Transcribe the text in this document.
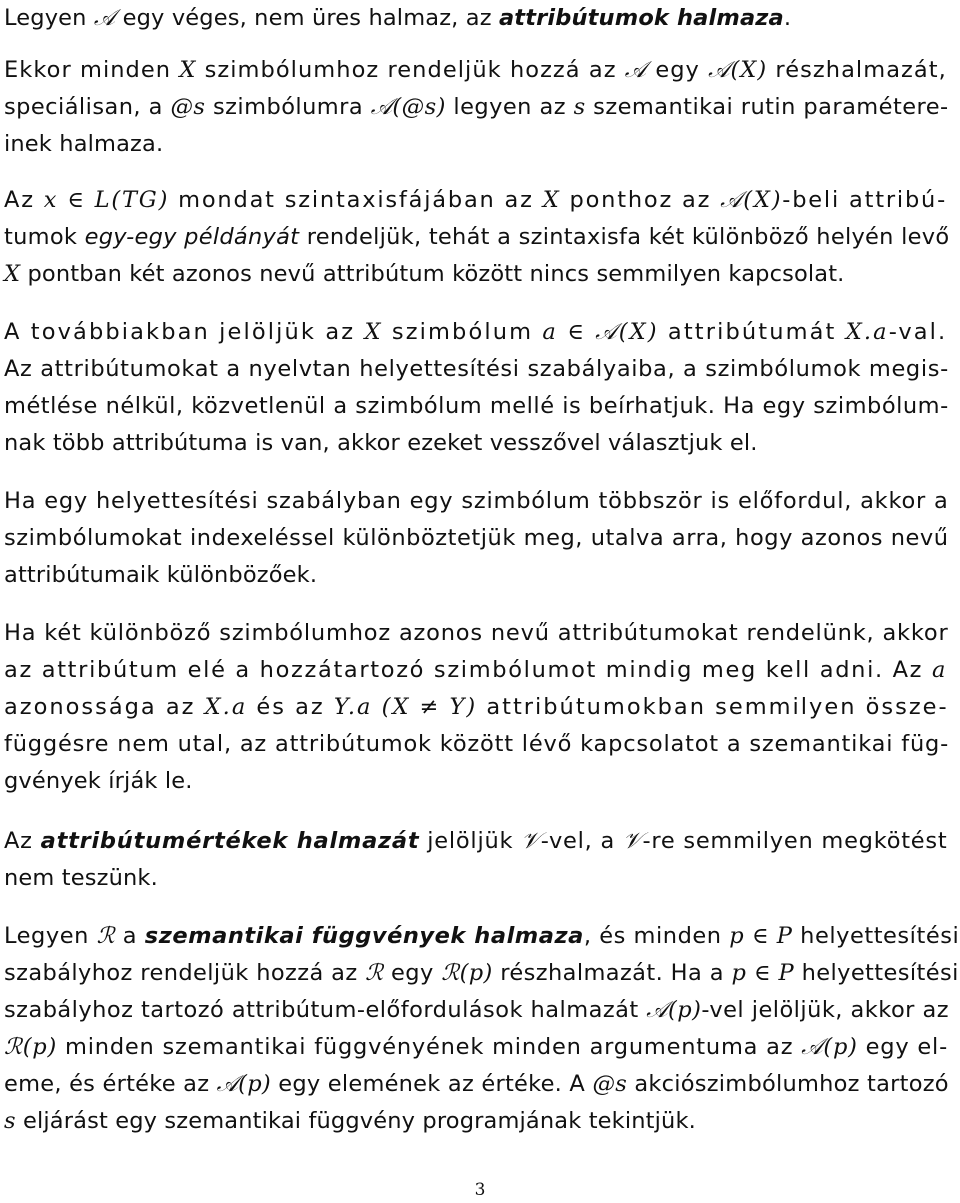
Legyen 𝒜 egy véges, nem üres halmaz, az attribútumok halmaza.
Ekkor minden X szimbólumhoz rendeljük hozzá az 𝒜 egy 𝒜(X) részhalmazát,
speciálisan, a @s szimbólumra 𝒜(@s) legyen az s szemantikai rutin paramétere-
inek halmaza.
Az x ∈ L(TG) mondat szintaxisfájában az X ponthoz az 𝒜(X)-beli attribú-
tumok egy-egy példányát rendeljük, tehát a szintaxisfa két különböző helyén levő
X pontban két azonos nevű attribútum között nincs semmilyen kapcsolat.
A továbbiakban jelöljük az X szimbólum a ∈ 𝒜(X) attribútumát X.a-val.
Az attribútumokat a nyelvtan helyettesítési szabályaiba, a szimbólumok megis-
métlése nélkül, közvetlenül a szimbólum mellé is beírhatjuk. Ha egy szimbólum-
nak több attribútuma is van, akkor ezeket vesszővel választjuk el.
Ha egy helyettesítési szabályban egy szimbólum többször is előfordul, akkor a
szimbólumokat indexeléssel különböztetjük meg, utalva arra, hogy azonos nevű
attribútumaik különbözőek.
Ha két különböző szimbólumhoz azonos nevű attribútumokat rendelünk, akkor
az attribútum elé a hozzátartozó szimbólumot mindig meg kell adni. Az a
azonossága az X.a és az Y.a (X ≠ Y) attribútumokban semmilyen össze-
függésre nem utal, az attribútumok között lévő kapcsolatot a szemantikai füg-
gvények írják le.
Az attribútumértékek halmazát jelöljük 𝒱-vel, a 𝒱-re semmilyen megkötést
nem teszünk.
Legyen ℛ a szemantikai függvények halmaza, és minden p ∈ P helyettesítési
szabályhoz rendeljük hozzá az ℛ egy ℛ(p) részhalmazát. Ha a p ∈ P helyettesítési
szabályhoz tartozó attribútum-előfordulások halmazát 𝒜(p)-vel jelöljük, akkor az
ℛ(p) minden szemantikai függvényének minden argumentuma az 𝒜(p) egy el-
eme, és értéke az 𝒜(p) egy elemének az értéke. A @s akciószimbólumhoz tartozó
s eljárást egy szemantikai függvény programjának tekintjük.
3
